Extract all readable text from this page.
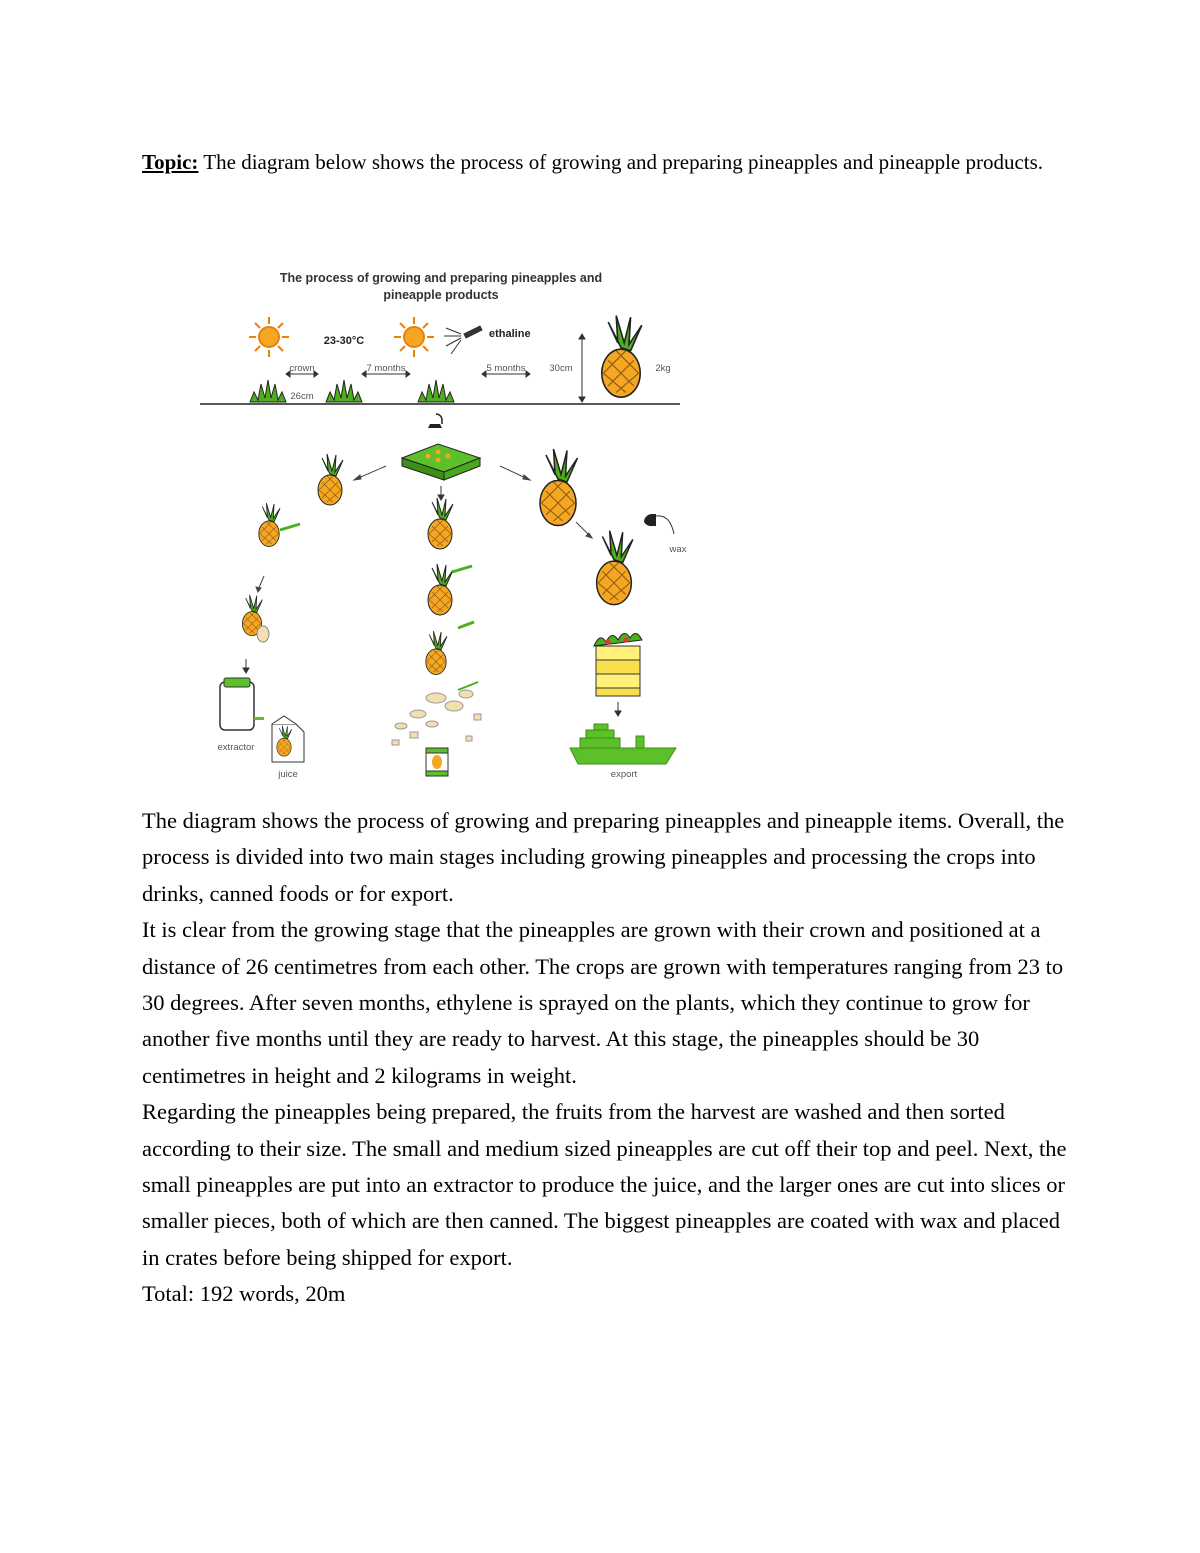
Topic: The diagram below shows the process of growing and preparing pineapples and pineapple products.
The process of growing and preparing pineapples and
pineapple products
23-30°C
ethaline
crown	7 months	5 months	30cm	2kg
26cm
extractor
juice
wax
export

The diagram shows the process of growing and preparing pineapples and pineapple items. Overall, the process is divided into two main stages including growing pineapples and processing the crops into drinks, canned foods or for export.

It is clear from the growing stage that the pineapples are grown with their crown and positioned at a distance of 26 centimetres from each other. The crops are grown with temperatures ranging from 23 to 30 degrees. After seven months, ethylene is sprayed on the plants, which they continue to grow for another five months until they are ready to harvest. At this stage, the pineapples should be 30 centimetres in height and 2 kilograms in weight.

Regarding the pineapples being prepared, the fruits from the harvest are washed and then sorted according to their size. The small and medium sized pineapples are cut off their top and peel. Next, the small pineapples are put into an extractor to produce the juice, and the larger ones are cut into slices or smaller pieces, both of which are then canned. The biggest pineapples are coated with wax and placed in crates before being shipped for export.

Total: 192 words, 20m
